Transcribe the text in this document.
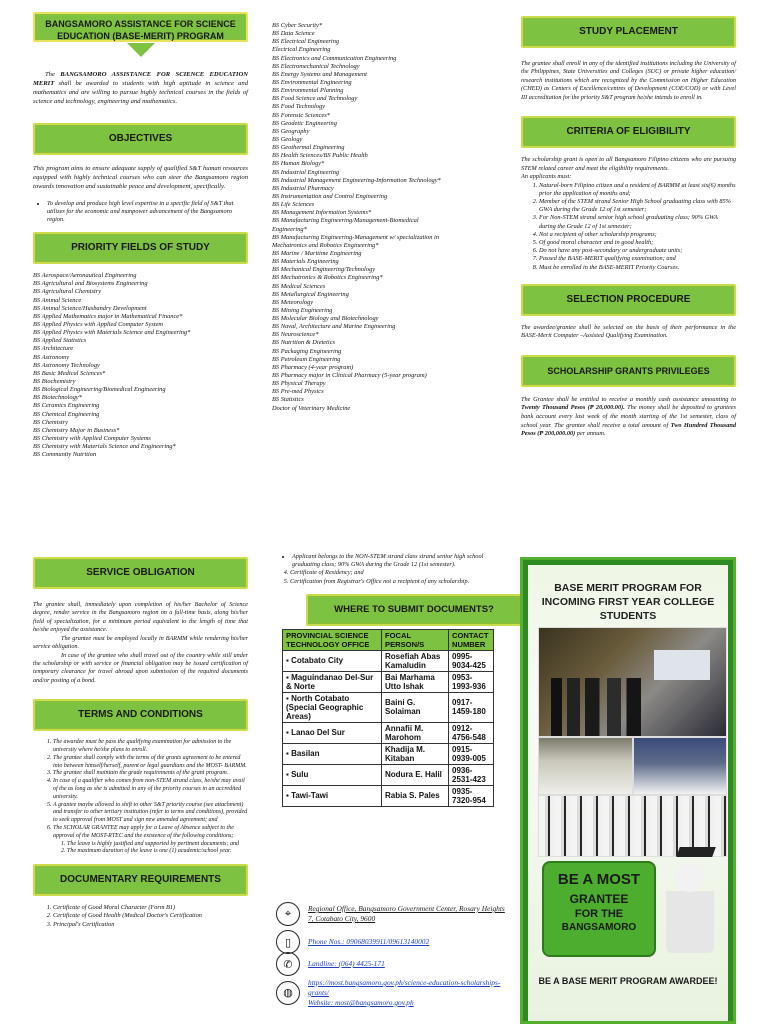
BANGSAMORO ASSISTANCE FOR SCIENCE EDUCATION (BASE-MERIT) PROGRAM
The BANGSAMORO ASSISTANCE FOR SCIENCE EDUCATION MERIT shall be awarded to students with high aptitude in science and mathematics and are willing to pursue highly technical courses in the fields of science and technology, engineering and mathematics.
OBJECTIVES
This program aims to ensure adequate supply of qualified S&T human resources equipped with highly technical courses who can steer the Bangsamoro region towards innovation and sustainable peace and development, specifically.
• To develop and produce high level expertise in a specific field of S&T that utilizes for the economic and manpower advancement of the Bangsamoro region.
PRIORITY FIELDS OF STUDY
BS Aerospace/Aeronautical Engineering
BS Agricultural and Biosystems Engineering
BS Agricultural Chemistry
BS Animal Science
BS Animal Science/Husbandry Development
BS Applied Mathematics major in Mathematical Finance*
BS Applied Physics with Applied Computer System
BS Applied Physics with Materials Science and Engineering*
BS Applied Statistics
BS Architecture
BS Astronomy
BS Astronomy Technology
BS Basic Medical Sciences*
BS Biochemistry
BS Biological Engineering/Biomedical Engineering
BS Biotechnology*
BS Ceramics Engineering
BS Chemical Engineering
BS Chemistry
BS Chemistry Major in Business*
BS Chemistry with Applied Computer Systems
BS Chemistry with Materials Science and Engineering*
BS Community Nutrition
BS Cyber Security*
BS Data Science
BS Electrical Engineering
Electrical Engineering
BS Electronics and Communication Engineering
BS Electromechanical Technology
BS Energy Systems and Management
BS Environmental Engineering
BS Environmental Planning
BS Food Science and Technology
BS Food Technology
BS Forensic Sciences*
BS Geodetic Engineering
BS Geography
BS Geology
BS Geothermal Engineering
BS Health Sciences/BS Public Health
BS Human Biology*
BS Industrial Engineering
BS Industrial Management Engineering-Information Technology*
BS Industrial Pharmacy
BS Instrumentation and Control Engineering
BS Life Sciences
BS Management Information Systems*
BS Manufacturing Engineering/Management-Biomedical
Engineering*
BS Manufacturing Engineering-Management w/ specialization in
Mechatronics and Robotics Engineering*
BS Marine / Maritime Engineering
BS Materials Engineering
BS Mechanical Engineering/Technology
BS Mechatronics & Robotics Engineering*
BS Medical Sciences
BS Metallurgical Engineering
BS Meteorology
BS Mining Engineering
BS Molecular Biology and Biotechnology
BS Naval, Architecture and Marine Engineering
BS Neuroscience*
BS Nutrition & Dietetics
BS Packaging Engineering
BS Petroleum Engineering
BS Pharmacy (4-year program)
BS Pharmacy major in Clinical Pharmacy (5-year program)
BS Physical Therapy
BS Pre-med Physics
BS Statistics
Doctor of Veterinary Medicine
STUDY PLACEMENT
The grantee shall enroll in any of the identified institutions including the University of the Philippines, State Universities and Colleges (SUC) or private higher education/ research institutions which are recognized by the Commission on Higher Education (CHED) as Centers of Excellence/centres of Development (COE/COD) or with Level III accreditation for the priority S&T program he/she intends to enroll in.
CRITERIA OF ELIGIBILITY
The scholarship grant is open to all Bangsamoro Filipino citizens who are pursuing STEM related career and meet the eligibility requirements.
An applicants must:
1. Natural-born Filipino citizen and a resident of BARMM at least six(6) months prior the application of months and;
2. Member of the STEM strand Senior High School graduating class with 85% GWA during the Grade 12 of 1st semester;
3. For Non-STEM strand senior high school graduating class; 90% GWA during the Grade 12 of 1st semester;
4. Not a recipient of other scholarship programs;
5. Of good moral character and in good health;
6. Do not have any post-secondary or undergraduate units;
7. Passed the BASE-MERIT qualifying examination; and
8. Must be enrolled in the BASE-MERIT Priority Courses.
SELECTION PROCEDURE
The awardee/grantee shall be selected on the basis of their performance in the BASE-Merit Computer –Assisted Qualifying Examination.
SCHOLARSHIP GRANTS PRIVILEGES
The Grantee shall be entitled to receive a monthly cash assistance amounting to Twenty Thousand Pesos (₱ 20,000.00). The money shall be deposited to grantees bank account every last week of the month starting of the 1st semester, class of school year. The grantee shall receive a total amount of Two Hundred Thousand Pesos (₱ 200,000.00) per annum.
SERVICE OBLIGATION
The grantee shall, immediately upon completion of his/her Bachelor of Science degree, render service in the Bangsamoro region on a full-time basis, along his/her field of specialization, for a minimum period equivalent to the length of time that he/she enjoyed the assistance.
The grantee must be employed locally in BARMM while rendering his/her service obligation.
In case of the grantee who shall travel out of the country while still under the scholarship or with service or financial obligation may be issued certification of temporary clearance for travel abroad upon submission of the required documents and/or posting of a bond.
TERMS AND CONDITIONS
1. The awardee must be pass the qualifying examination for admission to the university where he/she plans to enroll.
2. The grantee shall comply with the terms of the grants agreement to be entered into between himself/herself, parent or legal guardians and the MOST- BARMM.
3. The grantee shall maintain the grade requirements of the grant program.
4. In case of a qualifier who comes from non-STEM strand class, he/she may avail of the as long as she is admitted in any of the priority courses in an accredited university.
5. A grantee maybe allowed to shift to other S&T priority course (see attachment) and transfer to other tertiary institution (refer to terms and conditions), provided to seek approval from MOST and sign new amended agreement; and
6. The SCHOLAR GRANTEE may apply for a Leave of Absence subject to the approval of the MOST-RTEC and the existence of the following conditions;
1. The leave is highly justified and supported by pertinent documents; and
2. The maximum duration of the leave is one (1) academic/school year.
DOCUMENTARY REQUIREMENTS
1. Certificate of Good Moral Character (Form B1)
2. Certificate of Good Health (Medical Doctor's Certification
3. Principal's Certification
• Applicant belongs to the NON-STEM strand class strand senior high school graduating class; 90% GWA during the Grade 12 (1st semester).
4. Certificate of Residency; and
5. Certification from Registrar's Office not a recipient of any scholarship.
WHERE TO SUBMIT DOCUMENTS?
PROVINCIAL SCIENCE TECHNOLOGY OFFICE	FOCAL PERSON/S	CONTACT NUMBER
▪ Cotabato City	Rosefiah Abas Kamaludin	0995-9034-425
▪ Maguindanao Del-Sur & Norte	Bai Marhama Utto Ishak	0953-1993-936
▪ North Cotabato (Special Geographic Areas)	Baini G. Solaiman	0917-1459-180
▪ Lanao Del Sur	Annafii M. Marohom	0912-4756-548
▪ Basilan	Khadija M. Kitaban	0915-0939-005
▪ Sulu	Nodura E. Halil	0936-2531-423
▪ Tawi-Tawi	Rabia S. Pales	0935-7320-954
⌖	Regional Office, Bangsamoro Government Center, Rosary Heights 7, Cotabato City, 9600
▯	Phone Nos.: 09068039911/09613140002
✆	Landline: (064) 4425-171
◍
https://most.bangsamoro.gov.ph/science-education-scholarships-grants/
Website: most@bangsamoro.gov.ph
BASE MERIT PROGRAM FOR INCOMING FIRST YEAR COLLEGE STUDENTS
BE A MOST
GRANTEE
FOR THE
BANGSAMORO
BE A BASE MERIT PROGRAM AWARDEE!
